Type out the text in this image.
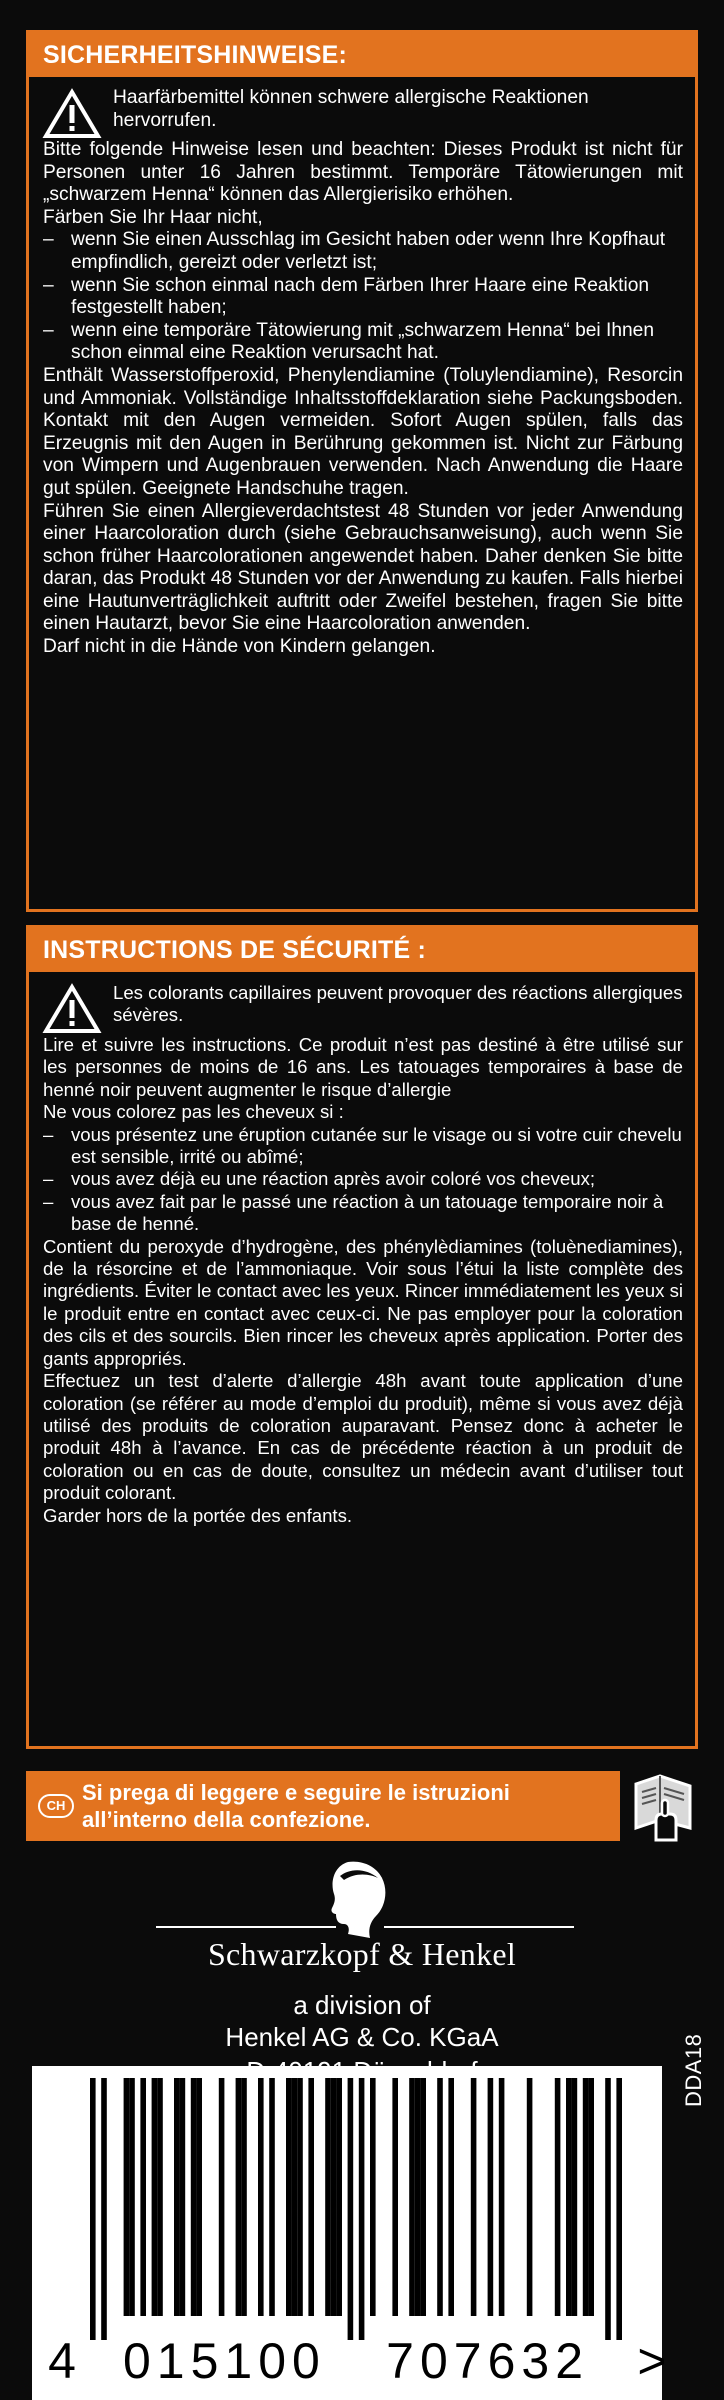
SICHERHEITSHINWEISE:

Haarfärbemittel können schwere allergische Reaktionen hervorrufen.

Bitte folgende Hinweise lesen und beachten: Dieses Produkt ist nicht für Personen unter 16 Jahren bestimmt. Temporäre Tätowierungen mit „schwarzem Henna“ können das Allergierisiko erhöhen.

Färben Sie Ihr Haar nicht,

– wenn Sie einen Ausschlag im Gesicht haben oder wenn Ihre Kopfhaut empfindlich, gereizt oder verletzt ist;
– wenn Sie schon einmal nach dem Färben Ihrer Haare eine Reaktion festgestellt haben;
– wenn eine temporäre Tätowierung mit „schwarzem Henna“ bei Ihnen schon einmal eine Reaktion verursacht hat.

Enthält Wasserstoffperoxid, Phenylendiamine (Toluylendiamine), Resorcin und Ammoniak. Vollständige Inhaltsstoffdeklaration siehe Packungsboden. Kontakt mit den Augen vermeiden. Sofort Augen spülen, falls das Erzeugnis mit den Augen in Berührung gekommen ist. Nicht zur Färbung von Wimpern und Augenbrauen verwenden. Nach Anwendung die Haare gut spülen. Geeignete Handschuhe tragen.

Führen Sie einen Allergieverdachtstest 48 Stunden vor jeder Anwendung einer Haarcoloration durch (siehe Gebrauchsanweisung), auch wenn Sie schon früher Haarcolorationen angewendet haben. Daher denken Sie bitte daran, das Produkt 48 Stunden vor der Anwendung zu kaufen. Falls hierbei eine Hautunverträglichkeit auftritt oder Zweifel bestehen, fragen Sie bitte einen Hautarzt, bevor Sie eine Haarcoloration anwenden.

Darf nicht in die Hände von Kindern gelangen.

INSTRUCTIONS DE SÉCURITÉ :

Les colorants capillaires peuvent provoquer des réactions allergiques sévères.

Lire et suivre les instructions. Ce produit n’est pas destiné à être utilisé sur les personnes de moins de 16 ans. Les tatouages temporaires à base de henné noir peuvent augmenter le risque d’allergie

Ne vous colorez pas les cheveux si :

– vous présentez une éruption cutanée sur le visage ou si votre cuir chevelu est sensible, irrité ou abîmé;
– vous avez déjà eu une réaction après avoir coloré vos cheveux;
– vous avez fait par le passé une réaction à un tatouage temporaire noir à base de henné.

Contient du peroxyde d’hydrogène, des phénylèdiamines (toluènediamines), de la résorcine et de l’ammoniaque. Voir sous l’étui la liste complète des ingrédients. Éviter le contact avec les yeux. Rincer immédiatement les yeux si le produit entre en contact avec ceux-ci. Ne pas employer pour la coloration des cils et des sourcils. Bien rincer les cheveux après application. Porter des gants appropriés.

Effectuez un test d’alerte d’allergie 48h avant toute application d’une coloration (se référer au mode d’emploi du produit), même si vous avez déjà utilisé des produits de coloration auparavant. Pensez donc à acheter le produit 48h à l’avance. En cas de précédente réaction à un produit de coloration ou en cas de doute, consultez un médecin avant d’utiliser tout produit colorant.

Garder hors de la portée des enfants.

CH
Si prega di leggere e seguire le istruzioni
all’interno della confezione.
Schwarzkopf & Henkel
a division of
Henkel AG & Co. KGaA	DDA18
4 015100 707632 >
